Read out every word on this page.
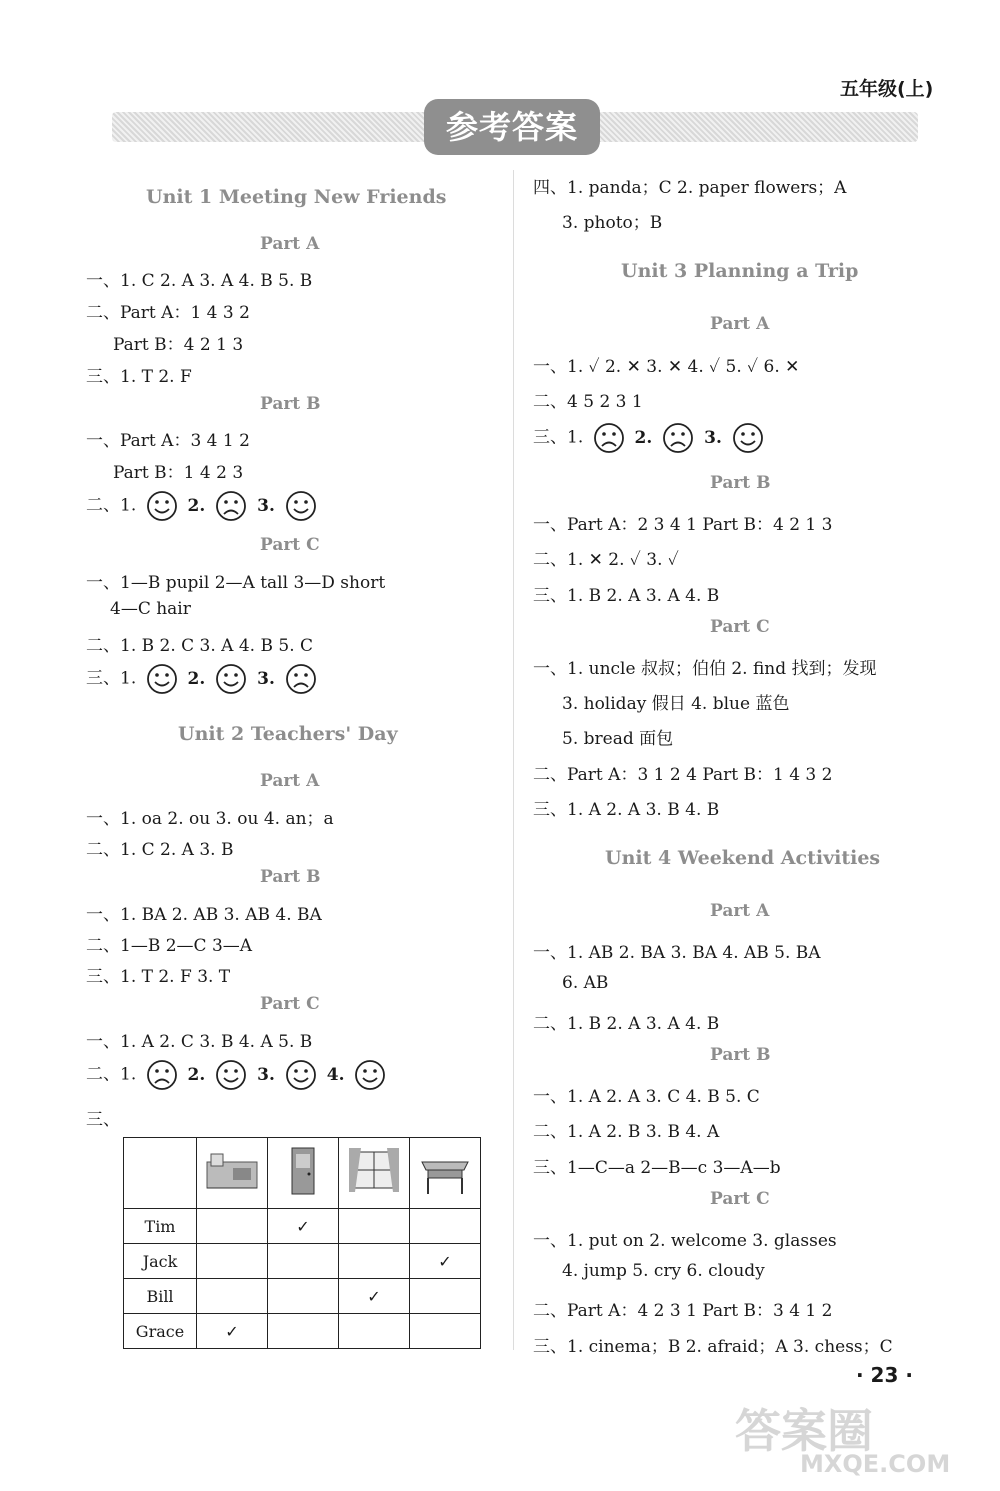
五年级(上)
参考答案
Unit 1 Meeting New Friends
Part A
一、1. C 2. A 3. A 4. B 5. B
二、Part A：1 4 3 2
Part B：4 2 1 3
三、1. T 2. F
Part B
一、Part A：3 4 1 2
Part B：1 4 2 3
二、1.	2.  3.
Part C
一、1—B pupil 2—A tall 3—D short
4—C hair
二、1. B 2. C 3. A 4. B 5. C
三、1.	2.  3.
Unit 2 Teachers' Day
Part A
一、1. oa 2. ou 3. ou 4. an；a
二、1. C 2. A 3. B
Part B
一、1. BA 2. AB 3. AB 4. BA
二、1—B 2—C 3—A
三、1. T 2. F 3. T
Part C
一、1. A 2. C 3. B 4. A 5. B
二、1.	2.  3.  4.
三、

Tim		✓		
Jack				✓
Bill			✓	
Grace	✓			
四、1. panda；C 2. paper flowers；A
3. photo；B
Unit 3 Planning a Trip
Part A
一、1. ✓ 2. ✕ 3. ✕ 4. ✓ 5. ✓ 6. ✕
二、4 5 2 3 1
三、1.	2.  3.
Part B
一、Part A：2 3 4 1 Part B：4 2 1 3
二、1. ✕ 2. ✓ 3. ✓
三、1. B 2. A 3. A 4. B
Part C
一、1. uncle 叔叔；伯伯 2. find 找到；发现
3. holiday 假日 4. blue 蓝色
5. bread 面包
二、Part A：3 1 2 4 Part B：1 4 3 2
三、1. A 2. A 3. B 4. B
Unit 4 Weekend Activities
Part A
一、1. AB 2. BA 3. BA 4. AB 5. BA
6. AB
二、1. B 2. A 3. A 4. B
Part B
一、1. A 2. A 3. C 4. B 5. C
二、1. A 2. B 3. B 4. A
三、1—C—a 2—B—c 3—A—b
Part C
一、1. put on 2. welcome 3. glasses
4. jump 5. cry 6. cloudy
二、Part A：4 2 3 1 Part B：3 4 1 2
三、1. cinema；B 2. afraid；A 3. chess；C
· 23 ·
答案圈
MXQE.COM
